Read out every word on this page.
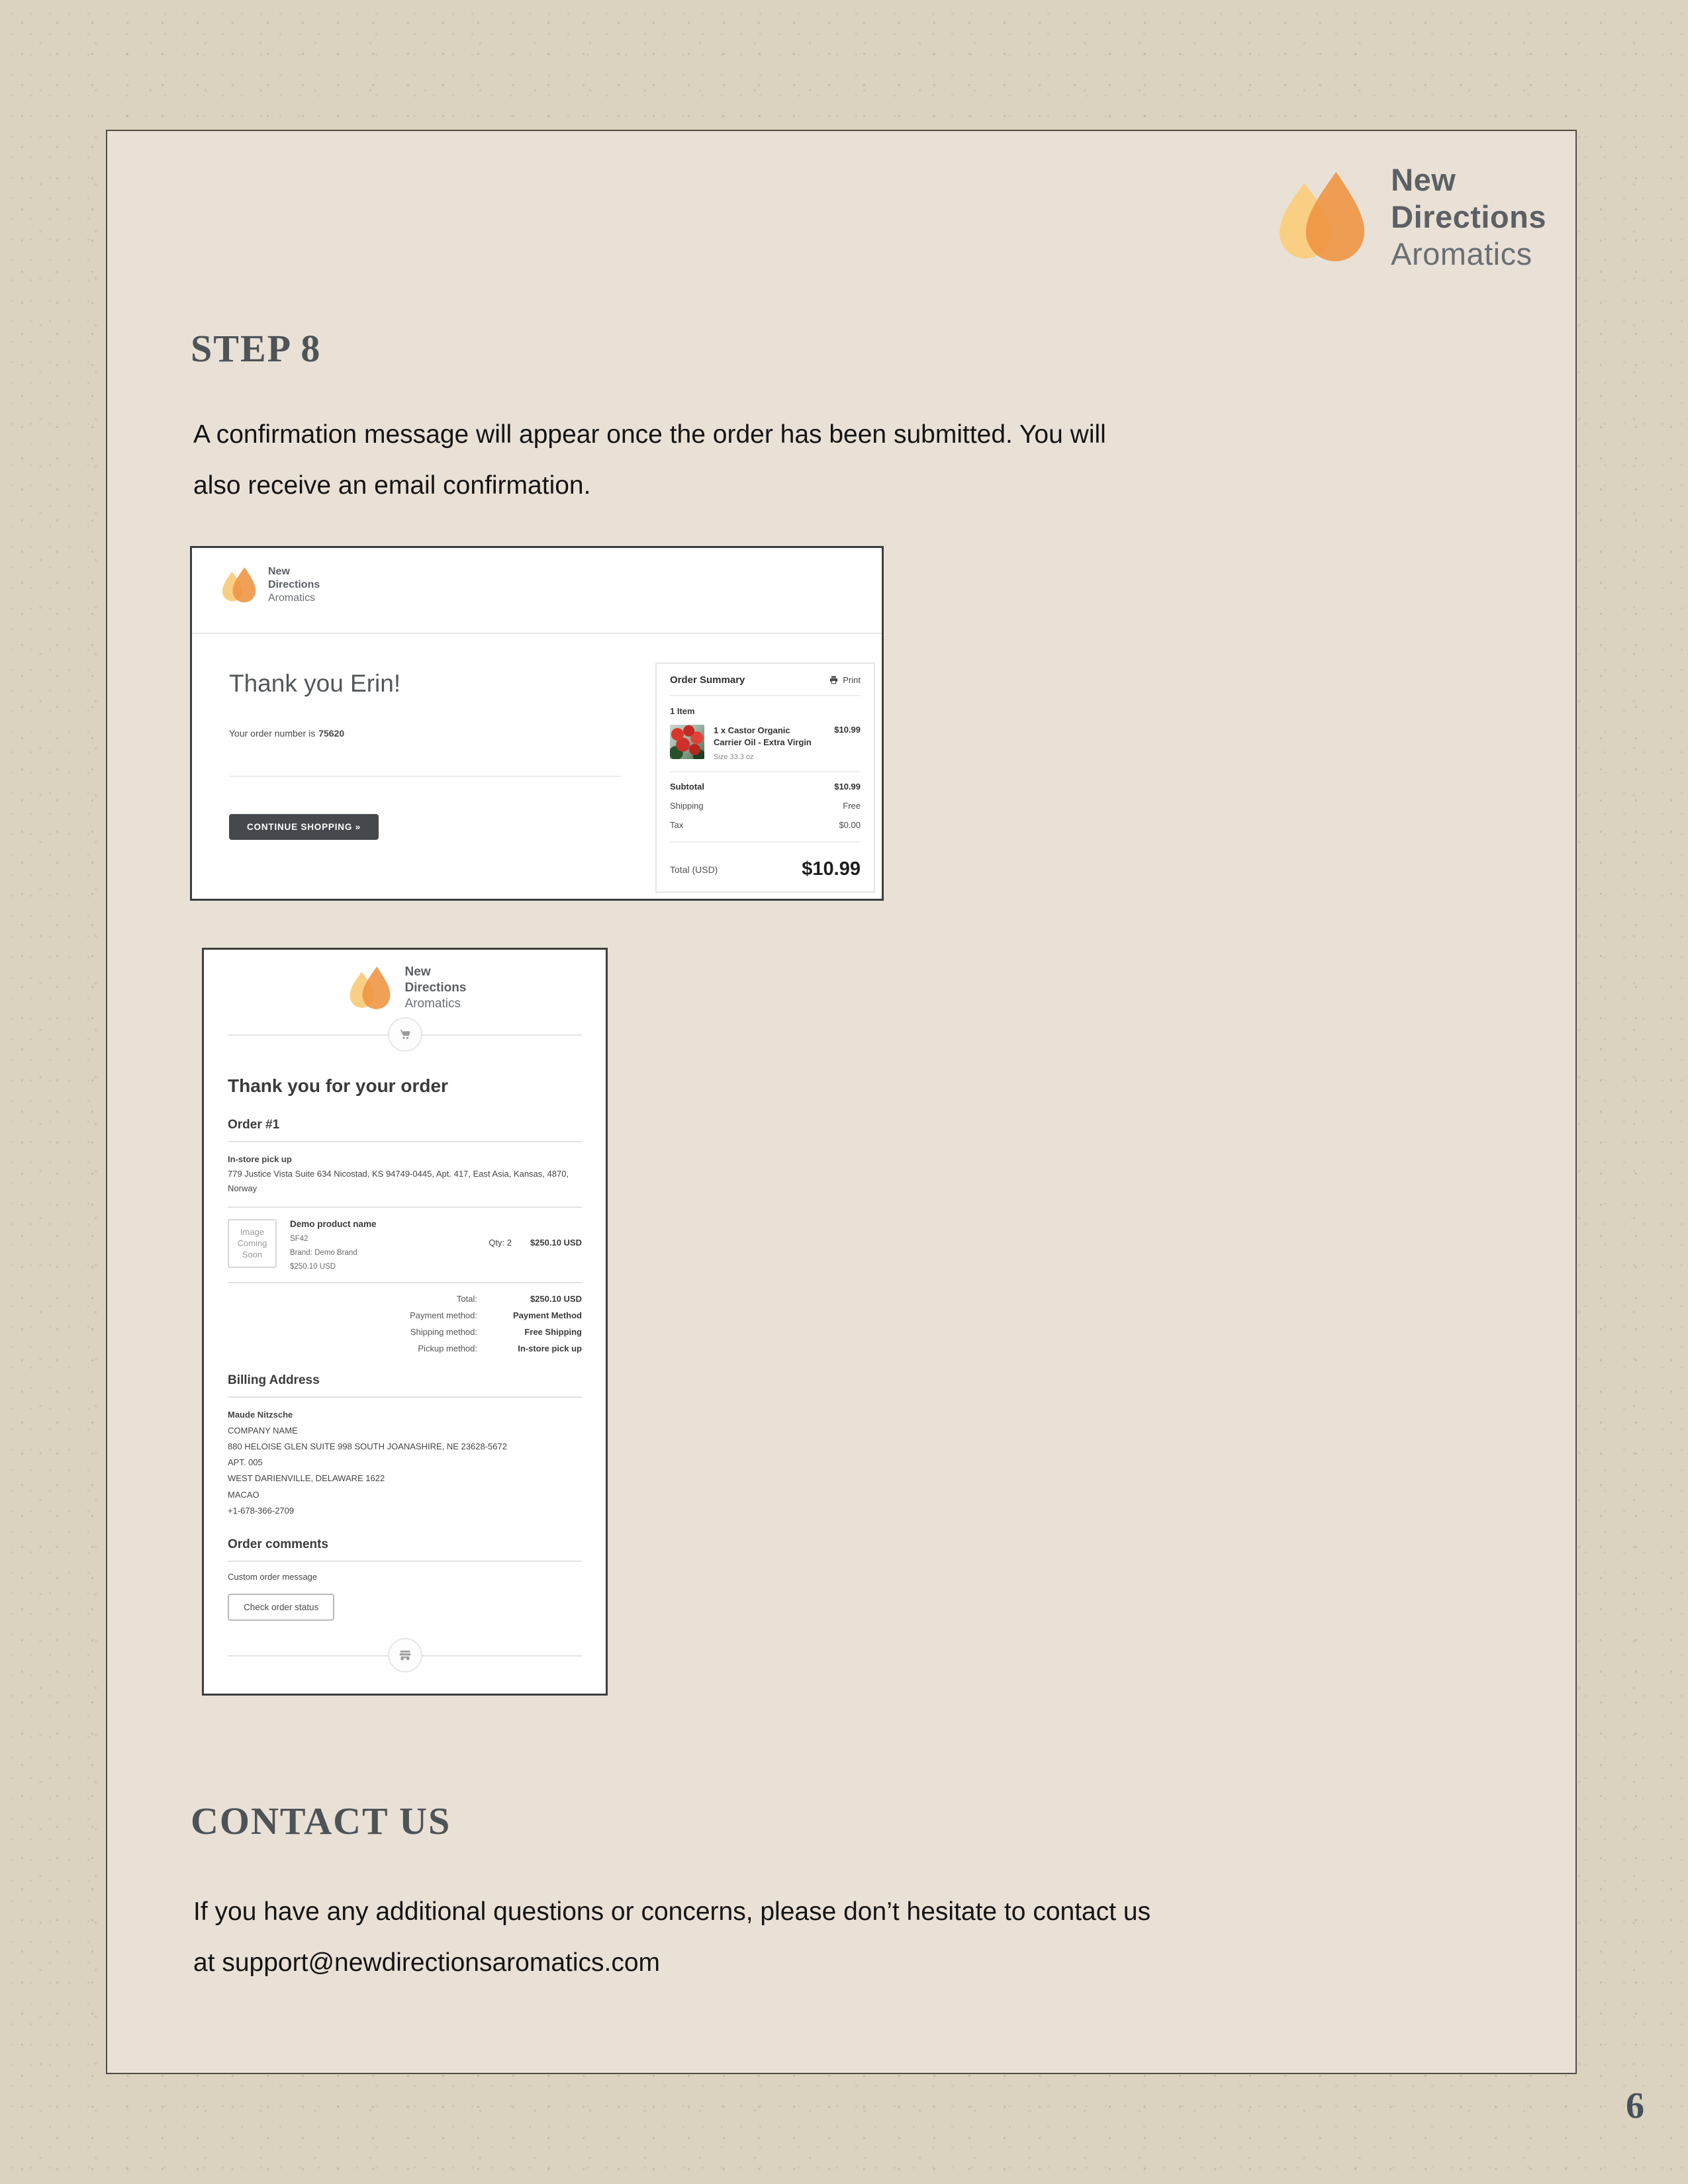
New
Directions
Aromatics
STEP 8
A confirmation message will appear once the order has been submitted. You will
also receive an email confirmation.
New
Directions
Aromatics
Thank you Erin!
Your order number is 75620
CONTINUE SHOPPING »
Order Summary	Print
1 Item
1 x Castor Organic Carrier Oil - Extra Virgin
Size 33.3 oz
$10.99
Subtotal	$10.99
Shipping	Free
Tax	$0.00
Total (USD)	$10.99
New
Directions
Aromatics
Thank you for your order
Order #1
In-store pick up
779 Justice Vista Suite 634 Nicostad, KS 94749-0445, Apt. 417, East Asia, Kansas, 4870, Norway
Image Coming Soon
Demo product name
SF42
Brand: Demo Brand
$250.10 USD
Qty: 2 $250.10 USD
Total:	$250.10 USD
Payment method:	Payment Method
Shipping method:	Free Shipping
Pickup method:	In-store pick up
Billing Address
Maude Nitzsche
COMPANY NAME
880 HELOISE GLEN SUITE 998 SOUTH JOANASHIRE, NE 23628-5672
APT. 005
WEST DARIENVILLE, DELAWARE 1622
MACAO
+1-678-366-2709
Order comments
Custom order message
Check order status
CONTACT US
If you have any additional questions or concerns, please don’t hesitate to contact us
at support@newdirectionsaromatics.com
6
